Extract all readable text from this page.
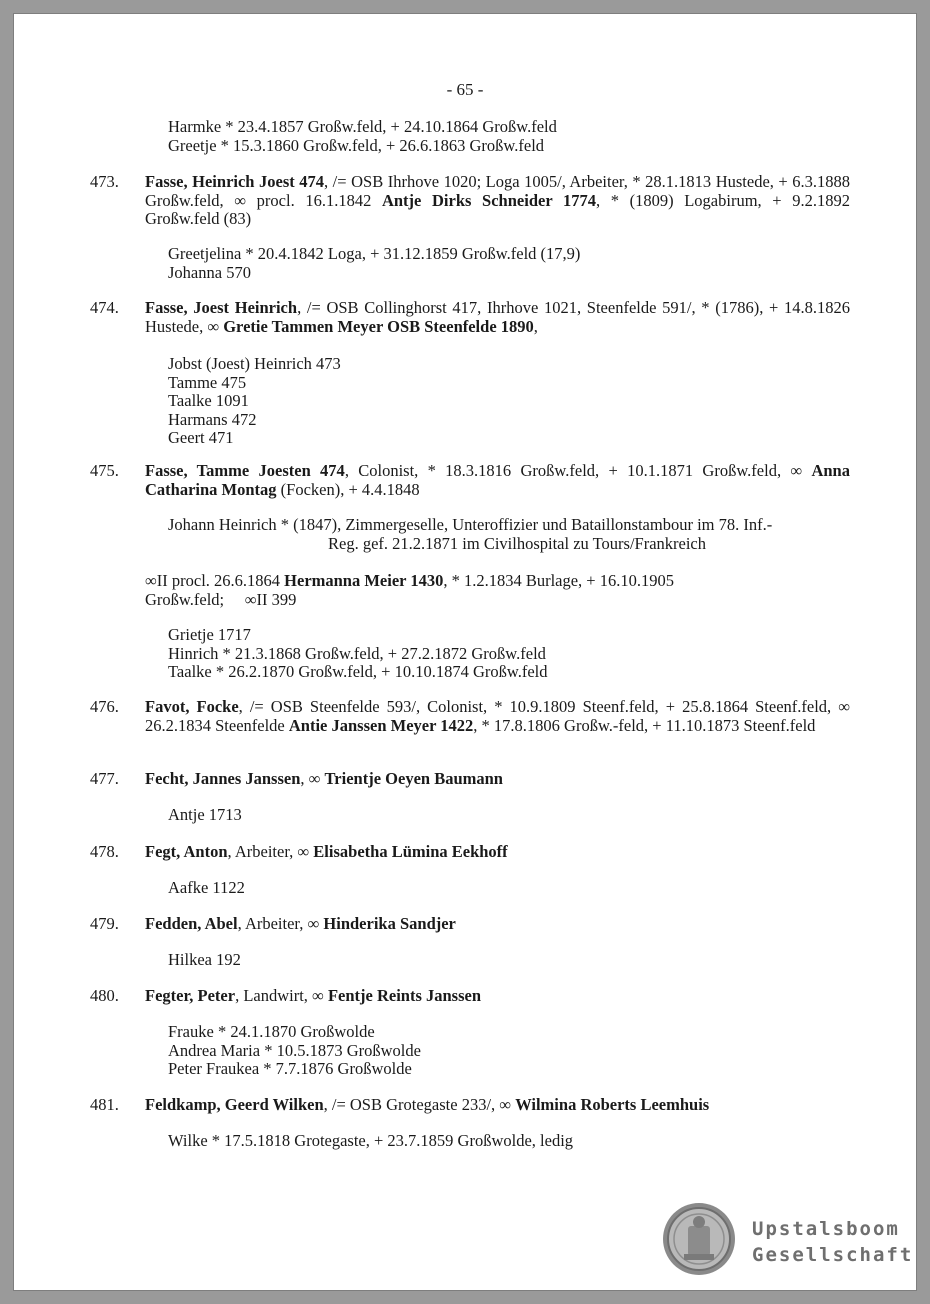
- 65 -
Harmke * 23.4.1857 Großw.feld, + 24.10.1864 Großw.feld
Greetje * 15.3.1860 Großw.feld, + 26.6.1863 Großw.feld
473. Fasse, Heinrich Joest 474, /= OSB Ihrhove 1020; Loga 1005/, Arbeiter, * 28.1.1813 Hustede, + 6.3.1888 Großw.feld, ∞ procl. 16.1.1842 Antje Dirks Schneider 1774, * (1809) Logabirum, + 9.2.1892 Großw.feld (83)
Greetjelina * 20.4.1842 Loga, + 31.12.1859 Großw.feld (17,9)
Johanna 570
474. Fasse, Joest Heinrich, /= OSB Collinghorst 417, Ihrhove 1021, Steenfelde 591/, * (1786), + 14.8.1826 Hustede, ∞ Gretie Tammen Meyer OSB Steenfelde 1890,
Jobst (Joest) Heinrich 473
Tamme 475
Taalke 1091
Harmans 472
Geert 471
475. Fasse, Tamme Joesten 474, Colonist, * 18.3.1816 Großw.feld, + 10.1.1871 Großw.feld, ∞ Anna Catharina Montag (Focken), + 4.4.1848
Johann Heinrich * (1847), Zimmergeselle, Unteroffizier und Bataillonstambour im 78. Inf.-
Reg. gef. 21.2.1871 im Civilhospital zu Tours/Frankreich
∞II procl. 26.6.1864 Hermanna Meier 1430, * 1.2.1834 Burlage, + 16.10.1905
Großw.feld;     ∞II 399
Grietje 1717
Hinrich * 21.3.1868 Großw.feld, + 27.2.1872 Großw.feld
Taalke * 26.2.1870 Großw.feld, + 10.10.1874 Großw.feld
476. Favot, Focke, /= OSB Steenfelde 593/, Colonist, * 10.9.1809 Steenf.feld, + 25.8.1864 Steenf.feld, ∞ 26.2.1834 Steenfelde Antie Janssen Meyer 1422, * 17.8.1806 Großw.-feld, + 11.10.1873 Steenf.feld
477. Fecht, Jannes Janssen, ∞ Trientje Oeyen Baumann
Antje 1713
478. Fegt, Anton, Arbeiter, ∞ Elisabetha Lümina Eekhoff
Aafke 1122
479. Fedden, Abel, Arbeiter, ∞ Hinderika Sandjer
Hilkea 192
480. Fegter, Peter, Landwirt, ∞ Fentje Reints Janssen
Frauke * 24.1.1870 Großwolde
Andrea Maria * 10.5.1873 Großwolde
Peter Fraukea * 7.7.1876 Großwolde
481. Feldkamp, Geerd Wilken, /= OSB Grotegaste 233/, ∞ Wilmina Roberts Leemhuis
Wilke * 17.5.1818 Grotegaste, + 23.7.1859 Großwolde, ledig
Upstalsboom
Gesellschaft
